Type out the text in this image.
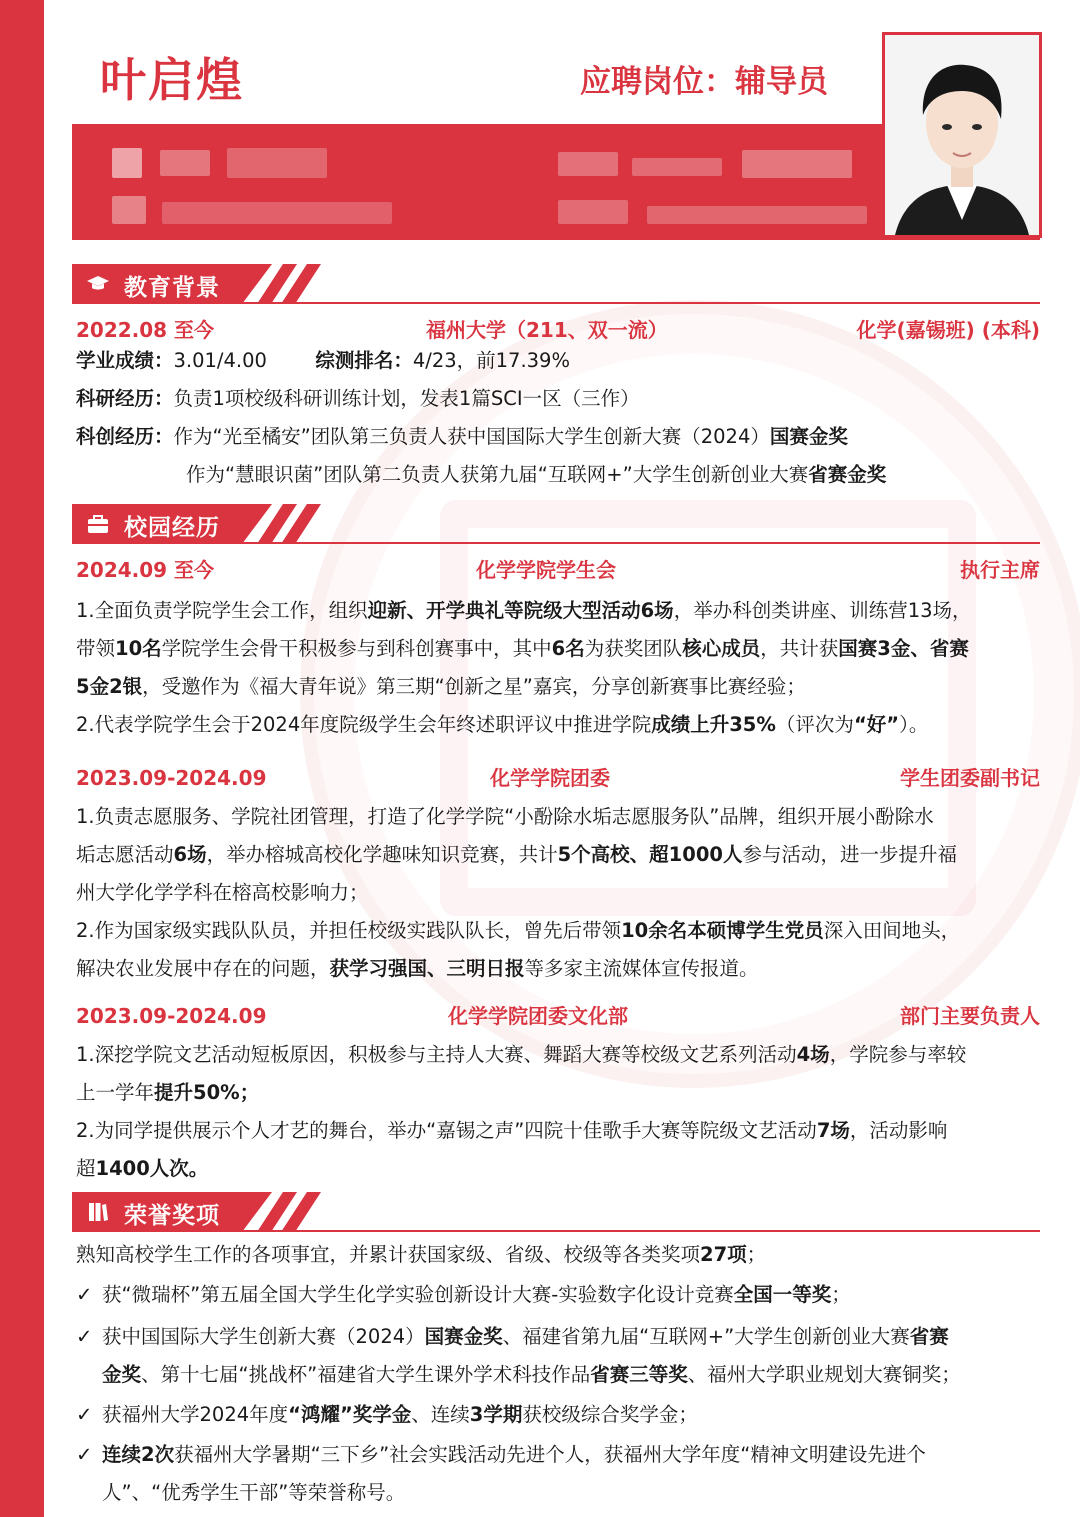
叶启煌	应聘岗位：辅导员
教育背景
2022.08 至今	福州大学（211、双一流）	化学(嘉锡班) (本科)
学业成绩：3.01/4.00 综测排名：4/23，前17.39%
科研经历：负责1项校级科研训练计划，发表1篇SCI一区（三作）
科创经历：作为“光至橘安”团队第三负责人获中国国际大学生创新大赛（2024）国赛金奖
作为“慧眼识菌”团队第二负责人获第九届“互联网+”大学生创新创业大赛省赛金奖
校园经历
2024.09 至今	化学学院学生会	执行主席
1.全面负责学院学生会工作，组织迎新、开学典礼等院级大型活动6场，举办科创类讲座、训练营13场，
带领10名学院学生会骨干积极参与到科创赛事中，其中6名为获奖团队核心成员，共计获国赛3金、省赛
5金2银，受邀作为《福大青年说》第三期“创新之星”嘉宾，分享创新赛事比赛经验；
2.代表学院学生会于2024年度院级学生会年终述职评议中推进学院成绩上升35%（评次为“好”）。
2023.09-2024.09	化学学院团委	学生团委副书记
1.负责志愿服务、学院社团管理，打造了化学学院“小酚除水垢志愿服务队”品牌，组织开展小酚除水
垢志愿活动6场，举办榕城高校化学趣味知识竞赛，共计5个高校、超1000人参与活动，进一步提升福
州大学化学学科在榕高校影响力；
2.作为国家级实践队队员，并担任校级实践队队长，曾先后带领10余名本硕博学生党员深入田间地头，
解决农业发展中存在的问题，获学习强国、三明日报等多家主流媒体宣传报道。
2023.09-2024.09	化学学院团委文化部	部门主要负责人
1.深挖学院文艺活动短板原因，积极参与主持人大赛、舞蹈大赛等校级文艺系列活动4场，学院参与率较
上一学年提升50%；
2.为同学提供展示个人才艺的舞台，举办“嘉锡之声”四院十佳歌手大赛等院级文艺活动7场，活动影响
超1400人次。
荣誉奖项
熟知高校学生工作的各项事宜，并累计获国家级、省级、校级等各类奖项27项；
✓ 获“微瑞杯”第五届全国大学生化学实验创新设计大赛-实验数字化设计竞赛全国一等奖；
✓ 获中国国际大学生创新大赛（2024）国赛金奖、福建省第九届“互联网+”大学生创新创业大赛省赛
金奖、第十七届“挑战杯”福建省大学生课外学术科技作品省赛三等奖、福州大学职业规划大赛铜奖；
✓ 获福州大学2024年度“鸿耀”奖学金、连续3学期获校级综合奖学金；
✓ 连续2次获福州大学暑期“三下乡”社会实践活动先进个人，获福州大学年度“精神文明建设先进个
人”、“优秀学生干部”等荣誉称号。
